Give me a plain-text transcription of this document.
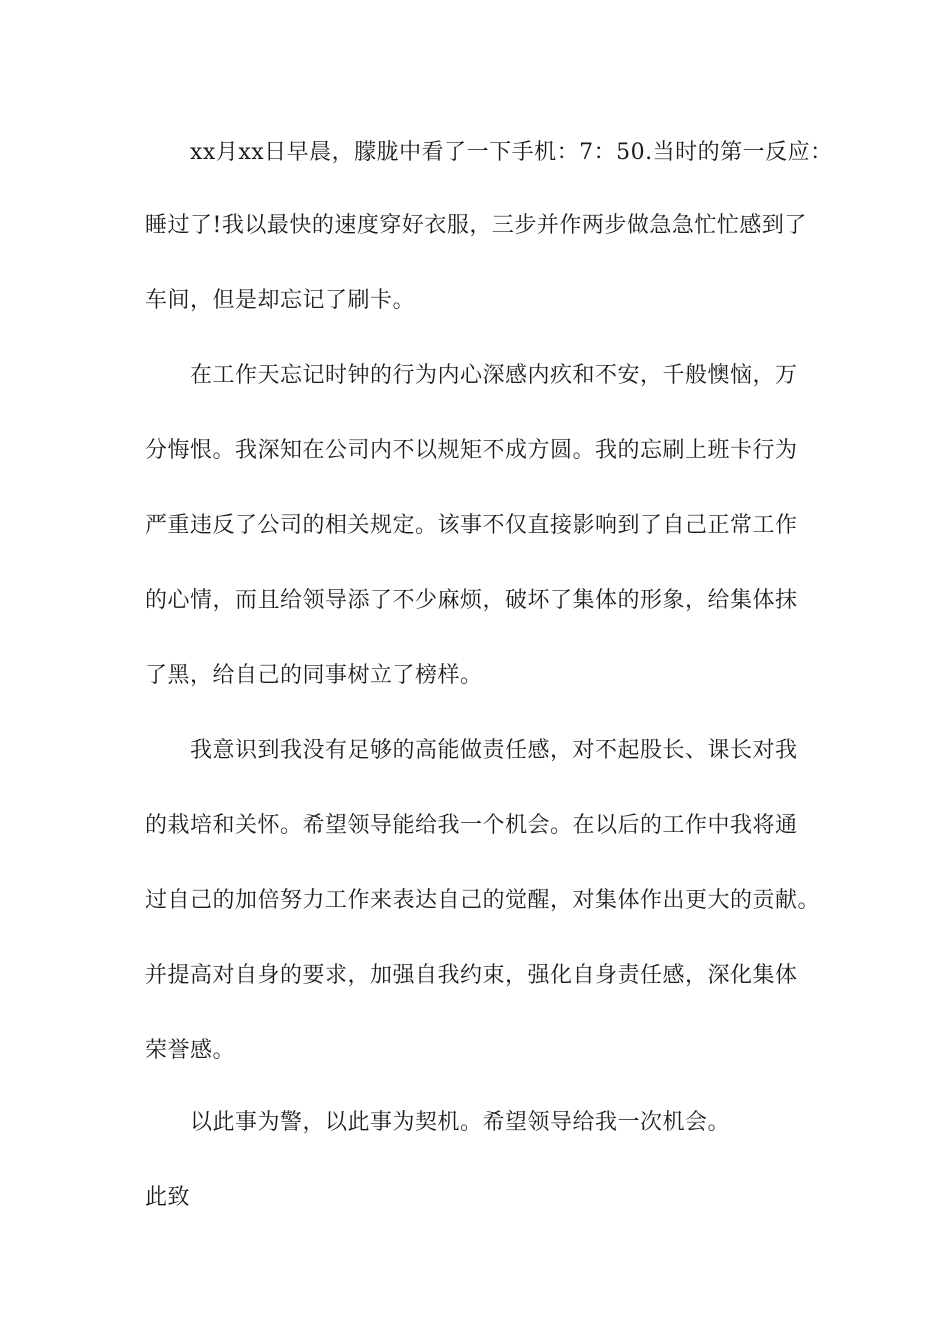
xx月xx日早晨，朦胧中看了一下手机：7：50.当时的第一反应：
睡过了!我以最快的速度穿好衣服，三步并作两步做急急忙忙感到了
车间，但是却忘记了刷卡。
在工作天忘记时钟的行为内心深感内疚和不安，千般懊恼，万
分悔恨。我深知在公司内不以规矩不成方圆。我的忘刷上班卡行为
严重违反了公司的相关规定。该事不仅直接影响到了自己正常工作
的心情，而且给领导添了不少麻烦，破坏了集体的形象，给集体抹
了黑，给自己的同事树立了榜样。
我意识到我没有足够的高能做责任感，对不起股长、课长对我
的栽培和关怀。希望领导能给我一个机会。在以后的工作中我将通
过自己的加倍努力工作来表达自己的觉醒，对集体作出更大的贡献。
并提高对自身的要求，加强自我约束，强化自身责任感，深化集体
荣誉感。
以此事为警，以此事为契机。希望领导给我一次机会。
此致
